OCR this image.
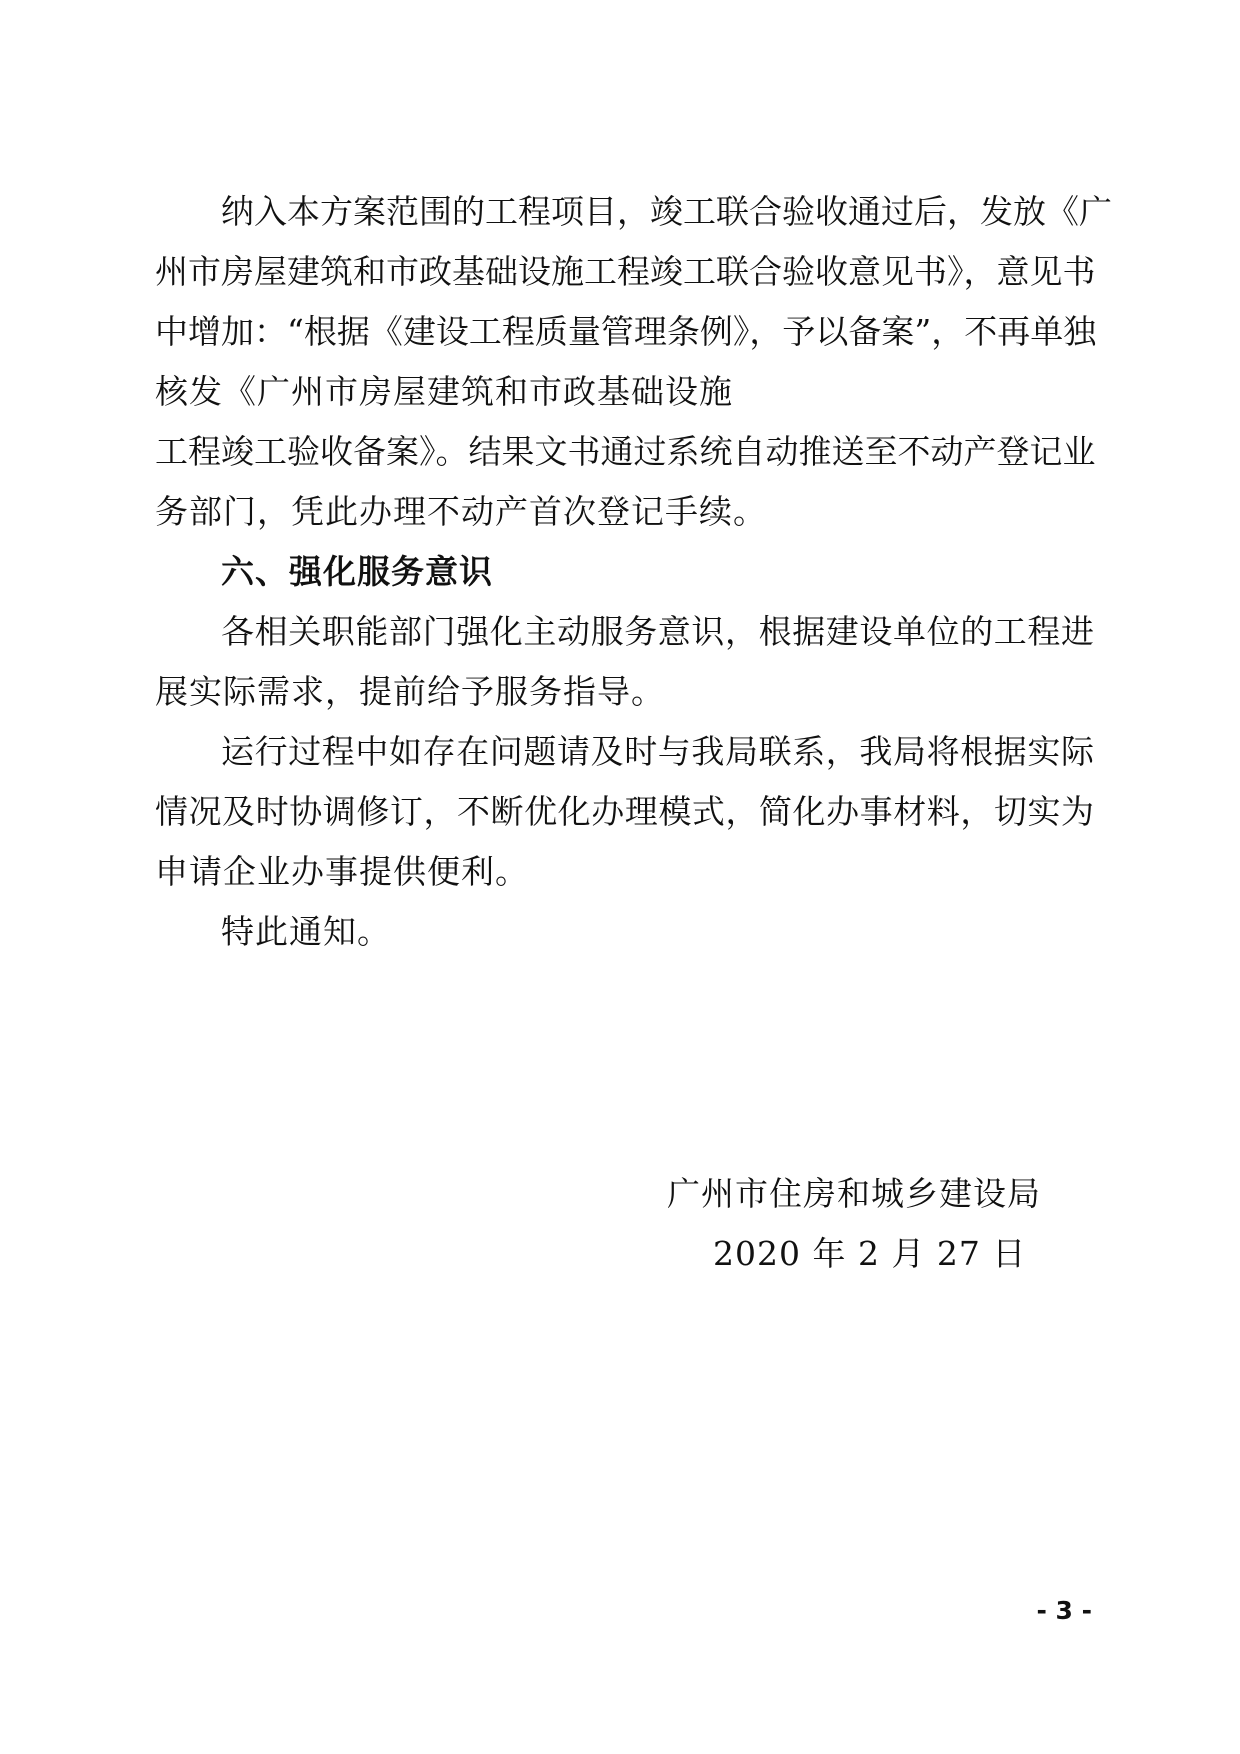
纳入本方案范围的工程项目，竣工联合验收通过后，发放《广
州市房屋建筑和市政基础设施工程竣工联合验收意见书》，意见书
中增加：“根据《建设工程质量管理条例》，予以备案”，不再单独
核发《广州市房屋建筑和市政基础设施
工程竣工验收备案》。结果文书通过系统自动推送至不动产登记业
务部门，凭此办理不动产首次登记手续。
六、强化服务意识
各相关职能部门强化主动服务意识，根据建设单位的工程进
展实际需求，提前给予服务指导。
运行过程中如存在问题请及时与我局联系，我局将根据实际
情况及时协调修订，不断优化办理模式，简化办事材料，切实为
申请企业办事提供便利。
特此通知。
广州市住房和城乡建设局
2020 年 2 月 27 日
- 3 -
